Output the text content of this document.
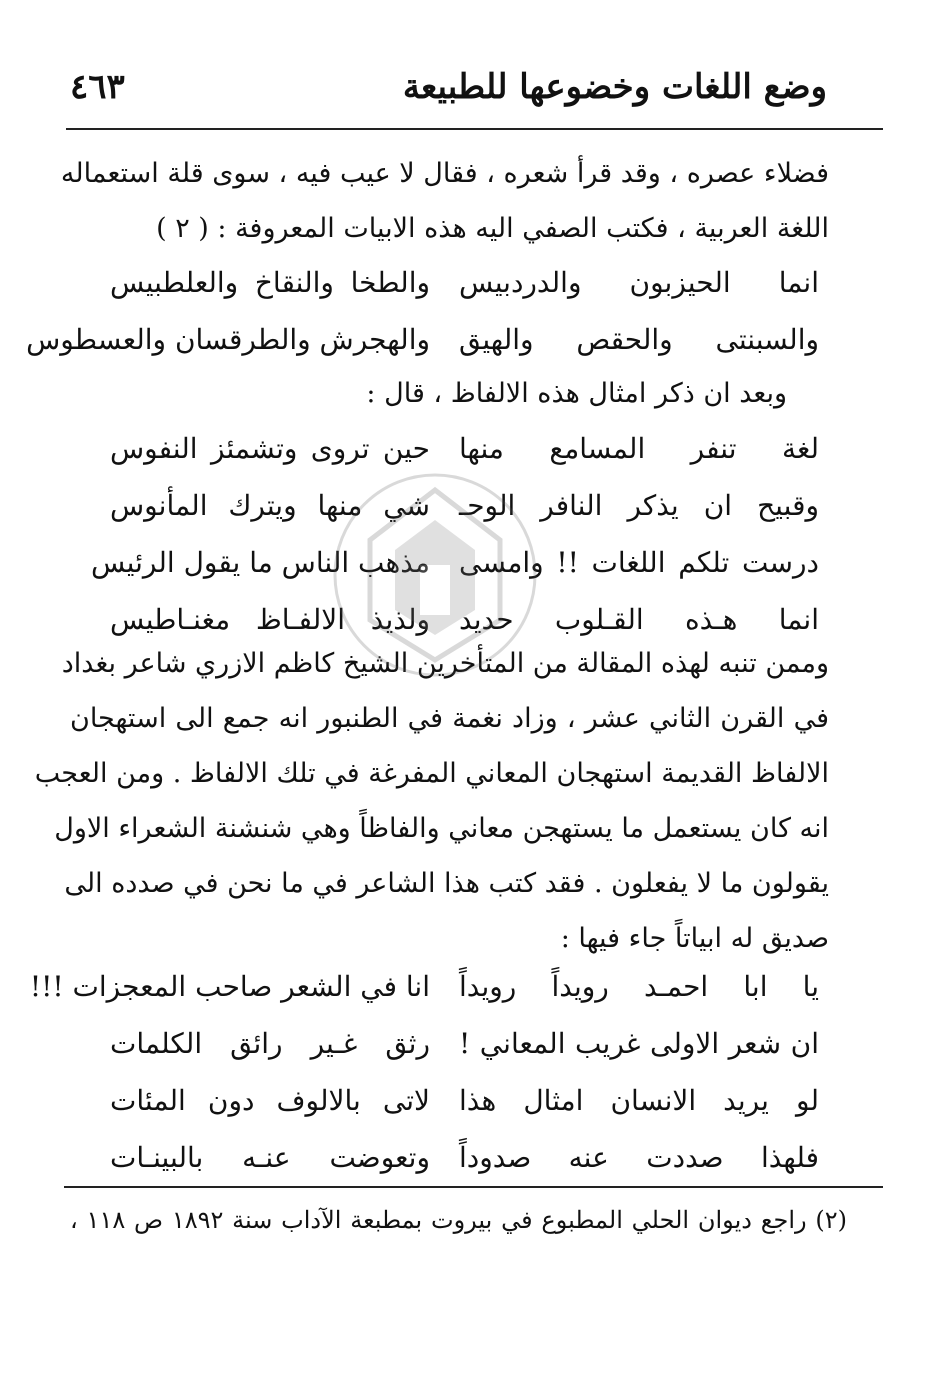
وضع اللغات وخضوعها للطبيعة
٤٦٣
فضلاء عصره ، وقد قرأ شعره ، فقال لا عيب فيه ، سوى قلة استعماله
اللغة العربية ، فكتب الصفي اليه هذه الابيات المعروفة : ( ٢ )
انما الحيزبون والدردبيس
والطخا والنقاخ والعلطبيس
والسبنتى والحقص والهيق
والهجرش والطرقسان والعسطوس
وبعد ان ذكر امثال هذه الالفاظ ، قال :
لغة تنفر المسامع منها
حين تروى وتشمئز النفوس
وقبيح ان يذكر النافر الوحـ
شي منها ويترك المأنوس
درست تلكم اللغات !! وامسى
مذهب الناس ما يقول الرئيس
انما هـذه القـلوب حديد
ولذيذ الالفـاظ مغنـاطيس
وممن تنبه لهذه المقالة من المتأخرين الشيخ كاظم الازري شاعر بغداد
في القرن الثاني عشر ، وزاد نغمة في الطنبور انه جمع الى استهجان
الالفاظ القديمة استهجان المعاني المفرغة في تلك الالفاظ . ومن العجب
انه كان يستعمل ما يستهجن معاني والفاظاً وهي شنشنة الشعراء الاول
يقولون ما لا يفعلون . فقد كتب هذا الشاعر في ما نحن في صدده الى
صديق له ابياتاً جاء فيها :
يا ابا احمـد رويداً رويداً
انا في الشعر صاحب المعجزات !!!
ان شعر الاولى غريب المعاني !
رثق غـير رائق الكلمات
لو يريد الانسان امثال هذا
لاتى بالالوف دون المئات
فلهذا صددت عنه صدوداً
وتعوضت عنـه بالبينـات
(٢) راجع ديوان الحلي المطبوع في بيروت بمطبعة الآداب سنة ١٨٩٢ ص ١١٨ ،
